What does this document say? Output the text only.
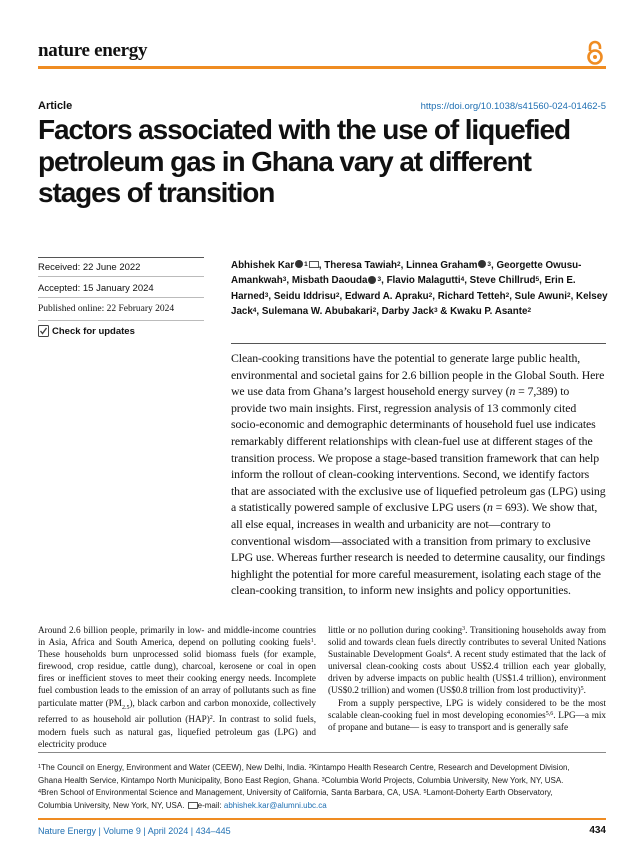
nature energy
Article	https://doi.org/10.1038/s41560-024-01462-5
Factors associated with the use of liquefied petroleum gas in Ghana vary at different stages of transition
Received: 22 June 2022
Accepted: 15 January 2024
Published online: 22 February 2024
Check for updates
Abhishek Kar $^1$ , Theresa Tawiah$^2$, Linnea Graham $^3$, Georgette Owusu-Amankwah$^3$, Misbath Daouda $^3$, Flavio Malagutti$^4$, Steve Chillrud$^5$, Erin E. Harned$^3$, Seidu Iddrisu$^2$, Edward A. Apraku$^2$, Richard Tetteh$^2$, Sule Awuni$^2$, Kelsey Jack$^4$, Sulemana W. Abubakari$^2$, Darby Jack$^3$ & Kwaku P. Asante$^2$
Clean-cooking transitions have the potential to generate large public health, environmental and societal gains for 2.6 billion people in the Global South. Here we use data from Ghana’s largest household energy survey (n = 7,389) to provide two main insights. First, regression analysis of 13 commonly cited socio-economic and demographic determinants of household fuel use indicates remarkably different relationships with clean-fuel use at different stages of the transition process. We propose a stage-based transition framework that can help inform the rollout of clean-cooking interventions. Second, we identify factors that are associated with the exclusive use of liquefied petroleum gas (LPG) using a statistically powered sample of exclusive LPG users (n = 693). We show that, all else equal, increases in wealth and urbanicity are not—contrary to conventional wisdom—associated with a transition from primary to exclusive LPG use. Whereas further research is needed to determine causality, our findings highlight the potential for more careful measurement, isolating each stage of the clean-cooking transition, to inform new insights and policy opportunities.
Around 2.6 billion people, primarily in low- and middle-income countries in Asia, Africa and South America, depend on polluting cooking fuels$^1$. These households burn unprocessed solid biomass fuels (for example, firewood, crop residue, cattle dung), charcoal, kerosene or coal in open fires or inefficient stoves to meet their cooking energy needs. Incomplete fuel combustion leads to the emission of an array of pollutants such as fine particulate matter $(PM_{2.5})$, black carbon and carbon monoxide, collectively referred to as household air pollution (HAP)$^2$. In contrast to solid fuels, modern fuels such as natural gas, liquefied petroleum gas (LPG) and electricity produce
little or no pollution during cooking$^3$. Transitioning households away from solid and towards clean fuels directly contributes to several United Nations Sustainable Development Goals$^4$. A recent study estimated that the lack of universal clean-cooking costs about US$2.4 trillion each year globally, driven by adverse impacts on public health (US$1.4 trillion), environment (US$0.2 trillion) and women (US$0.8 trillion from lost productivity)$^5$.
From a supply perspective, LPG is widely considered to be the most scalable clean-cooking fuel in most developing economies$^{5,6}$. LPG—a mix of propane and butane— is easy to transport and is generally safe
$^1$The Council on Energy, Environment and Water (CEEW), New Delhi, India. $^2$Kintampo Health Research Centre, Research and Development Division,
Ghana Health Service, Kintampo North Municipality, Bono East Region, Ghana. $^3$Columbia World Projects, Columbia University, New York, NY, USA.
$^4$Bren School of Environmental Science and Management, University of California, Santa Barbara, CA, USA. $^5$Lamont-Doherty Earth Observatory,
Columbia University, New York, NY, USA. e-mail: abhishek.kar@alumni.ubc.ca
Nature Energy | Volume 9 | April 2024 | 434–445	434
